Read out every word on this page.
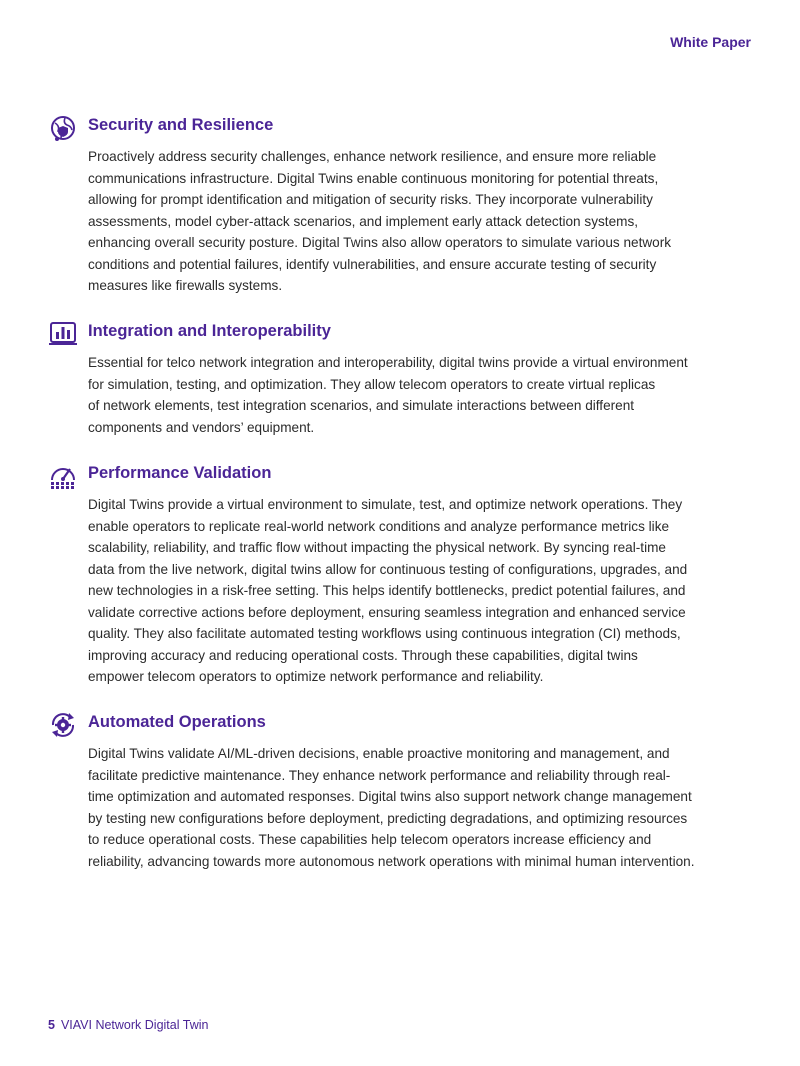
White Paper
Security and Resilience
Proactively address security challenges, enhance network resilience, and ensure more reliable
communications infrastructure. Digital Twins enable continuous monitoring for potential threats,
allowing for prompt identification and mitigation of security risks. They incorporate vulnerability
assessments, model cyber-attack scenarios, and implement early attack detection systems,
enhancing overall security posture. Digital Twins also allow operators to simulate various network
conditions and potential failures, identify vulnerabilities, and ensure accurate testing of security
measures like firewalls systems.
Integration and Interoperability
Essential for telco network integration and interoperability, digital twins provide a virtual environment
for simulation, testing, and optimization. They allow telecom operators to create virtual replicas
of network elements, test integration scenarios, and simulate interactions between different
components and vendors’ equipment.
Performance Validation
Digital Twins provide a virtual environment to simulate, test, and optimize network operations. They
enable operators to replicate real-world network conditions and analyze performance metrics like
scalability, reliability, and traffic flow without impacting the physical network. By syncing real-time
data from the live network, digital twins allow for continuous testing of configurations, upgrades, and
new technologies in a risk-free setting. This helps identify bottlenecks, predict potential failures, and
validate corrective actions before deployment, ensuring seamless integration and enhanced service
quality. They also facilitate automated testing workflows using continuous integration (CI) methods,
improving accuracy and reducing operational costs. Through these capabilities, digital twins
empower telecom operators to optimize network performance and reliability.
Automated Operations
Digital Twins validate AI/ML-driven decisions, enable proactive monitoring and management, and
facilitate predictive maintenance. They enhance network performance and reliability through real-
time optimization and automated responses. Digital twins also support network change management
by testing new configurations before deployment, predicting degradations, and optimizing resources
to reduce operational costs. These capabilities help telecom operators increase efficiency and
reliability, advancing towards more autonomous network operations with minimal human intervention.
5 VIAVI Network Digital Twin
